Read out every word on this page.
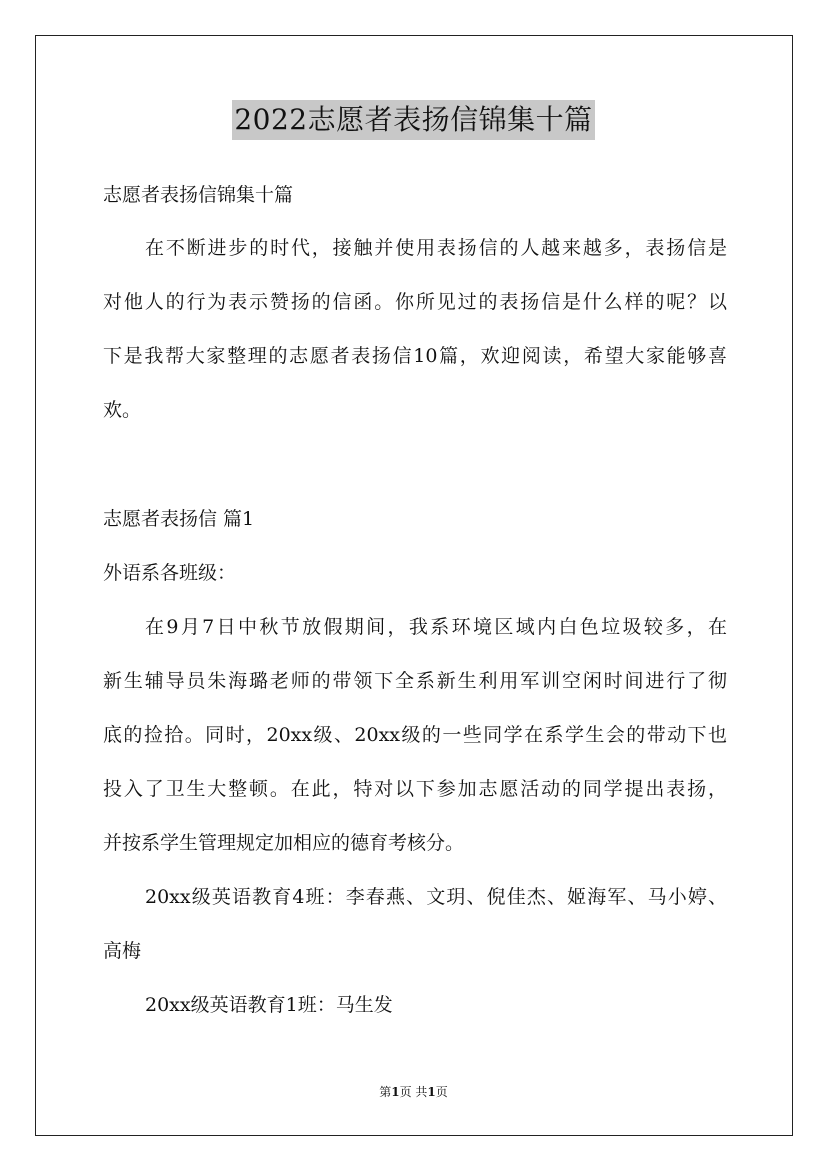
2022志愿者表扬信锦集十篇
志愿者表扬信锦集十篇
在不断进步的时代，接触并使用表扬信的人越来越多，表扬信是
对他人的行为表示赞扬的信函。你所见过的表扬信是什么样的呢？以
下是我帮大家整理的志愿者表扬信10篇，欢迎阅读，希望大家能够喜
欢。
志愿者表扬信 篇1
外语系各班级：
在9月7日中秋节放假期间，我系环境区域内白色垃圾较多，在
新生辅导员朱海璐老师的带领下全系新生利用军训空闲时间进行了彻
底的捡拾。同时，20xx级、20xx级的一些同学在系学生会的带动下也
投入了卫生大整顿。在此，特对以下参加志愿活动的同学提出表扬，
并按系学生管理规定加相应的德育考核分。
20xx级英语教育4班：李春燕、文玥、倪佳杰、姬海军、马小婷、
高梅
20xx级英语教育1班：马生发
第1页 共1页
